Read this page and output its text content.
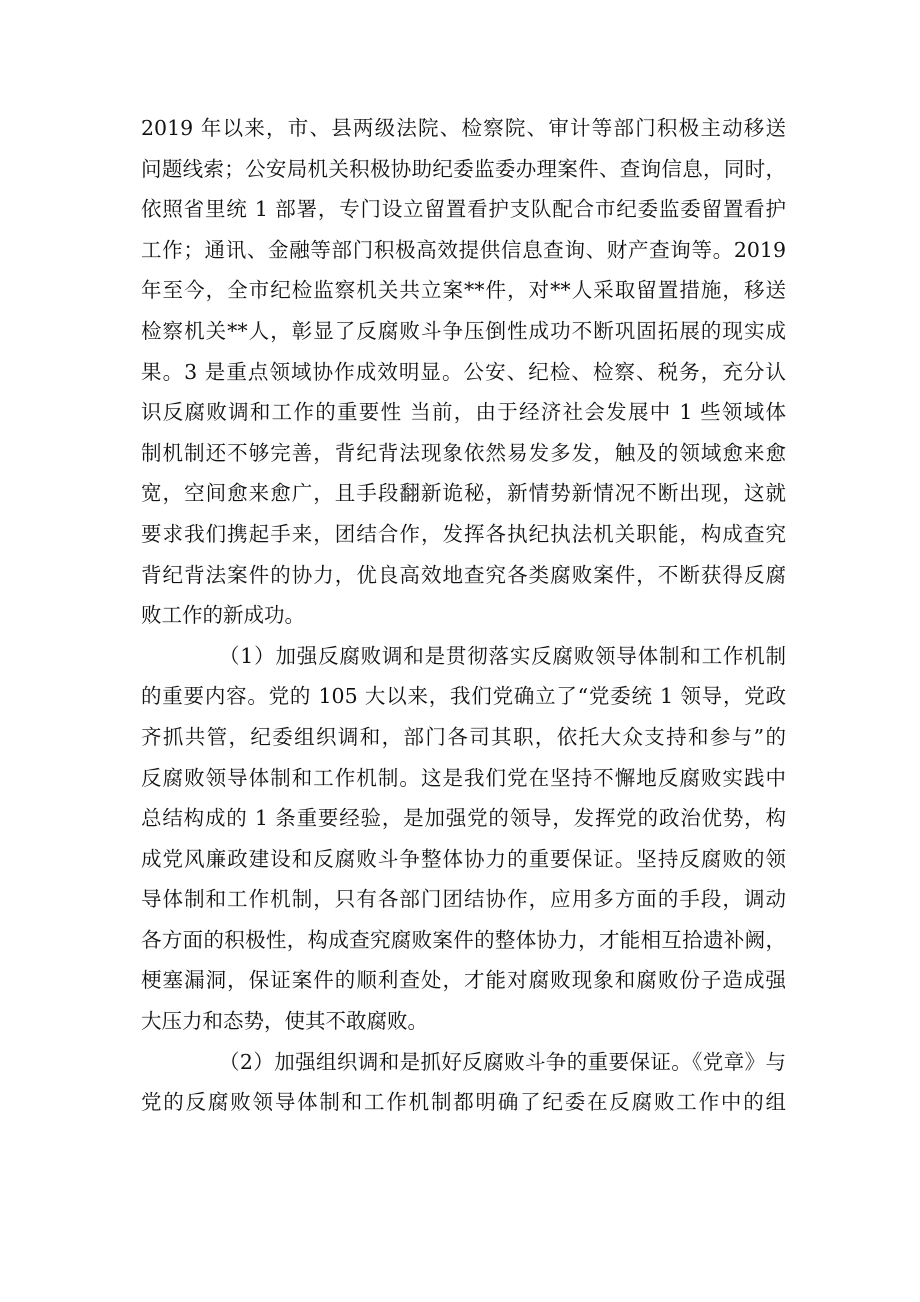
2019 年以来，市、县两级法院、检察院、审计等部门积极主动移送
问题线索；公安局机关积极协助纪委监委办理案件、查询信息，同时，
依照省里统 1 部署，专门设立留置看护支队配合市纪委监委留置看护
工作；通讯、金融等部门积极高效提供信息查询、财产查询等。2019
年至今，全市纪检监察机关共立案**件，对**人采取留置措施，移送
检察机关**人，彰显了反腐败斗争压倒性成功不断巩固拓展的现实成
果。3 是重点领域协作成效明显。公安、纪检、检察、税务，充分认
识反腐败调和工作的重要性 当前，由于经济社会发展中 1 些领域体
制机制还不够完善，背纪背法现象依然易发多发，触及的领域愈来愈
宽，空间愈来愈广，且手段翻新诡秘，新情势新情况不断出现，这就
要求我们携起手来，团结合作，发挥各执纪执法机关职能，构成查究
背纪背法案件的协力，优良高效地查究各类腐败案件，不断获得反腐
败工作的新成功。
（1）加强反腐败调和是贯彻落实反腐败领导体制和工作机制
的重要内容。党的 105 大以来，我们党确立了“党委统 1 领导，党政
齐抓共管，纪委组织调和，部门各司其职，依托大众支持和参与”的
反腐败领导体制和工作机制。这是我们党在坚持不懈地反腐败实践中
总结构成的 1 条重要经验，是加强党的领导，发挥党的政治优势，构
成党风廉政建设和反腐败斗争整体协力的重要保证。坚持反腐败的领
导体制和工作机制，只有各部门团结协作，应用多方面的手段，调动
各方面的积极性，构成查究腐败案件的整体协力，才能相互拾遗补阙，
梗塞漏洞，保证案件的顺利查处，才能对腐败现象和腐败份子造成强
大压力和态势，使其不敢腐败。
（2）加强组织调和是抓好反腐败斗争的重要保证。《党章》与
党的反腐败领导体制和工作机制都明确了纪委在反腐败工作中的组
